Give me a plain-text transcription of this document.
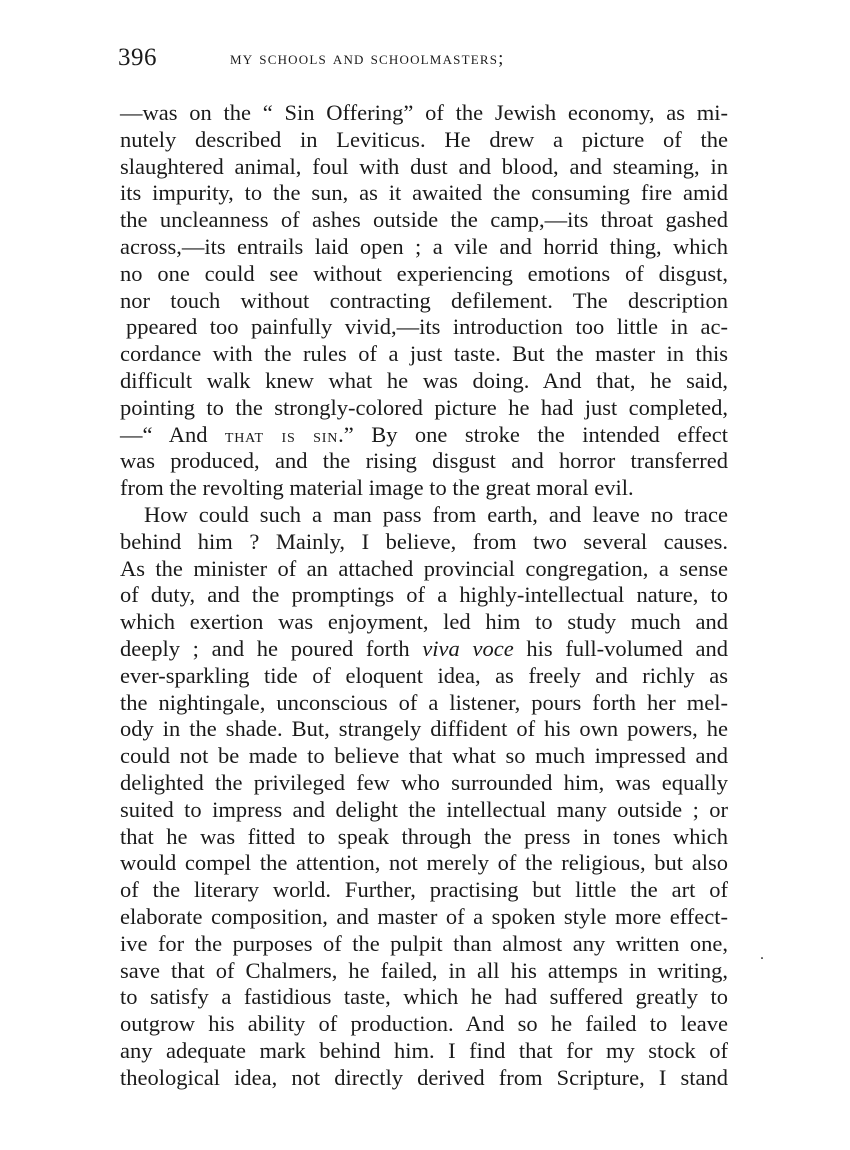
396	my schools and schoolmasters;
—was on the “ Sin Offering” of the Jewish economy, as mi-
nutely described in Leviticus. He drew a picture of the
slaughtered animal, foul with dust and blood, and steaming, in
its impurity, to the sun, as it awaited the consuming fire amid
the uncleanness of ashes outside the camp,—its throat gashed
across,—its entrails laid open ; a vile and horrid thing, which
no one could see without experiencing emotions of disgust,
nor touch without contracting defilement. The description
ppeared too painfully vivid,—its introduction too little in ac-
cordance with the rules of a just taste. But the master in this
difficult walk knew what he was doing. And that, he said,
pointing to the strongly-colored picture he had just completed,
—“ And that is sin.” By one stroke the intended effect
was produced, and the rising disgust and horror transferred
from the revolting material image to the great moral evil.
How could such a man pass from earth, and leave no trace
behind him ? Mainly, I believe, from two several causes.
As the minister of an attached provincial congregation, a sense
of duty, and the promptings of a highly-intellectual nature, to
which exertion was enjoyment, led him to study much and
deeply ; and he poured forth viva voce his full-volumed and
ever-sparkling tide of eloquent idea, as freely and richly as
the nightingale, unconscious of a listener, pours forth her mel-
ody in the shade. But, strangely diffident of his own powers, he
could not be made to believe that what so much impressed and
delighted the privileged few who surrounded him, was equally
suited to impress and delight the intellectual many outside ; or
that he was fitted to speak through the press in tones which
would compel the attention, not merely of the religious, but also
of the literary world. Further, practising but little the art of
elaborate composition, and master of a spoken style more effect-
ive for the purposes of the pulpit than almost any written one,
save that of Chalmers, he failed, in all his attemps in writing,
to satisfy a fastidious taste, which he had suffered greatly to
outgrow his ability of production. And so he failed to leave
any adequate mark behind him. I find that for my stock of
theological idea, not directly derived from Scripture, I stand
.
